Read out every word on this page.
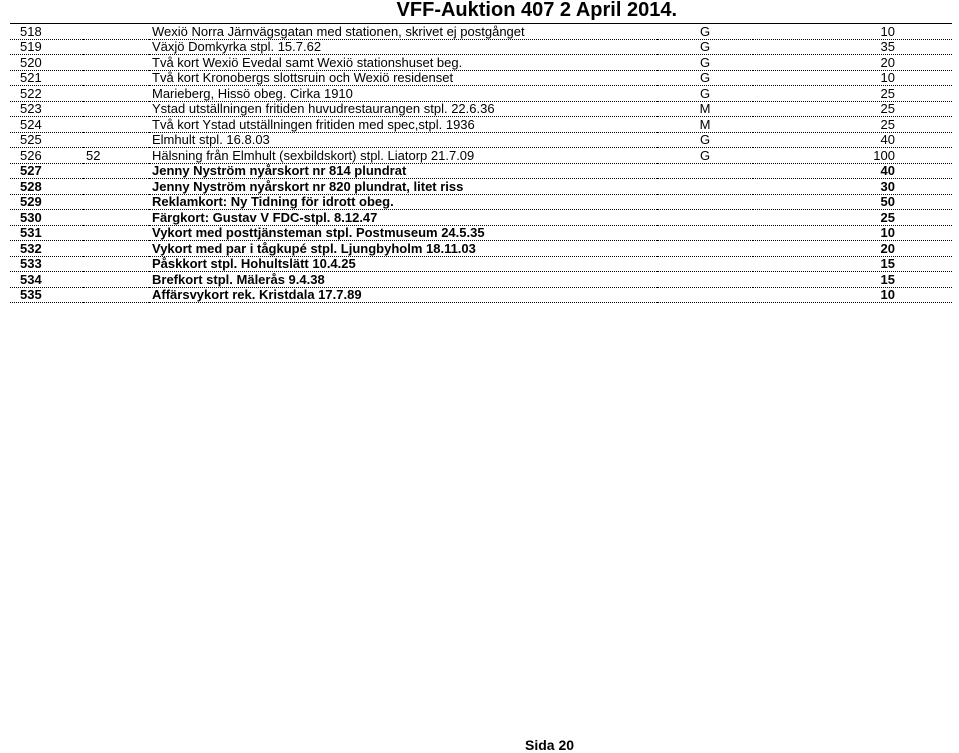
VFF-Auktion 407 2 April 2014.
518		Wexiö Norra Järnvägsgatan med stationen, skrivet ej postgånget	G	10
519		Växjö Domkyrka stpl. 15.7.62	G	35
520		Två kort Wexiö Evedal samt Wexiö stationshuset beg.	G	20
521		Två kort Kronobergs slottsruin och Wexiö residenset	G	10
522		Marieberg, Hissö obeg. Cirka 1910	G	25
523		Ystad utställningen fritiden huvudrestaurangen stpl. 22.6.36	M	25
524		Två kort Ystad utställningen fritiden med spec,stpl. 1936	M	25
525		Elmhult stpl. 16.8.03	G	40
526	52	Hälsning från Elmhult (sexbildskort) stpl. Liatorp 21.7.09	G	100
527		Jenny Nyström nyårskort nr 814 plundrat		40
528		Jenny Nyström nyårskort nr 820 plundrat, litet riss		30
529		Reklamkort: Ny Tidning för idrott obeg.		50
530		Färgkort: Gustav V FDC-stpl. 8.12.47		25
531		Vykort med posttjänsteman stpl. Postmuseum 24.5.35		10
532		Vykort med par i tågkupé stpl. Ljungbyholm 18.11.03		20
533		Påskkort stpl. Hohultslätt 10.4.25		15
534		Brefkort stpl. Mälerås 9.4.38		15
535		Affärsvykort rek. Kristdala 17.7.89		10
Sida 20
